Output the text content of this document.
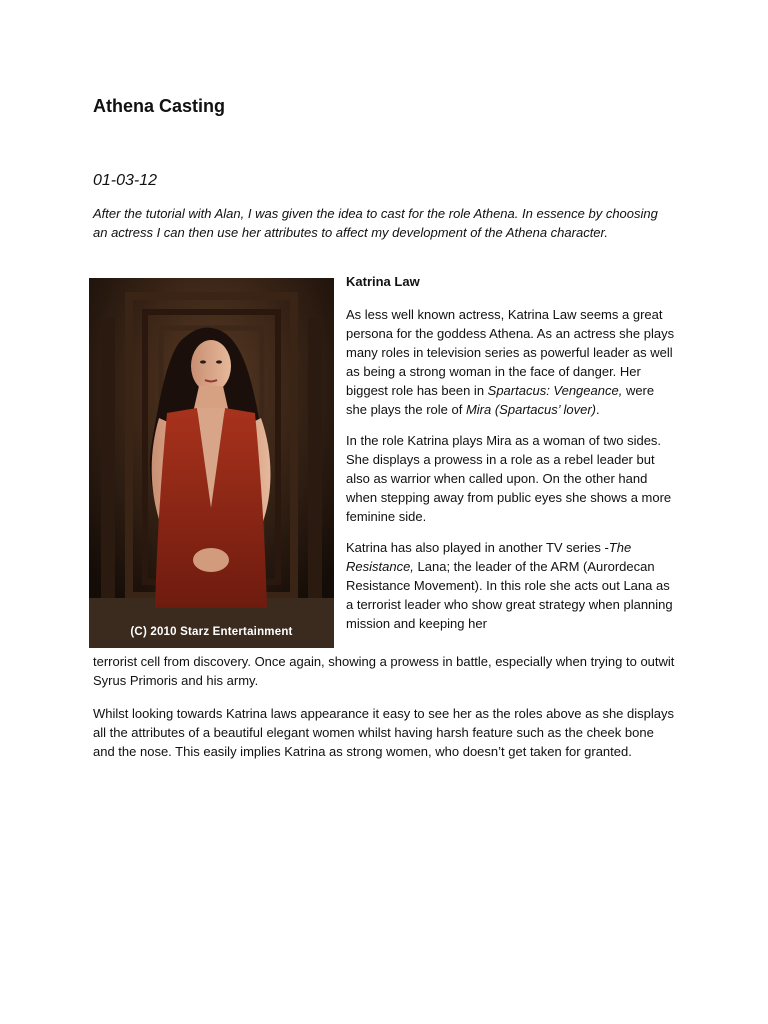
Athena Casting

01-03-12

After the tutorial with Alan, I was given the idea to cast for the role Athena. In essence by choosing an actress I can then use her attributes to affect my development of the Athena character.

(C) 2010 Starz Entertainment

Katrina Law

As less well known actress, Katrina Law seems a great persona for the goddess Athena. As an actress she plays many roles in television series as powerful leader as well as being a strong woman in the face of danger. Her biggest role has been in Spartacus: Vengeance, were she plays the role of Mira (Spartacus’ lover).

In the role Katrina plays Mira as a woman of two sides. She displays a prowess in a role as a rebel leader but also as warrior when called upon. On the other hand when stepping away from public eyes she shows a more feminine side.

Katrina has also played in another TV series -The Resistance, Lana; the leader of the ARM (Aurordecan Resistance Movement). In this role she acts out Lana as a terrorist leader who show great strategy when planning mission and keeping her

terrorist cell from discovery. Once again, showing a prowess in battle, especially when trying to outwit Syrus Primoris and his army.

Whilst looking towards Katrina laws appearance it easy to see her as the roles above as she displays all the attributes of a beautiful elegant women whilst having harsh feature such as the cheek bone and the nose. This easily implies Katrina as strong women, who doesn’t get taken for granted.
